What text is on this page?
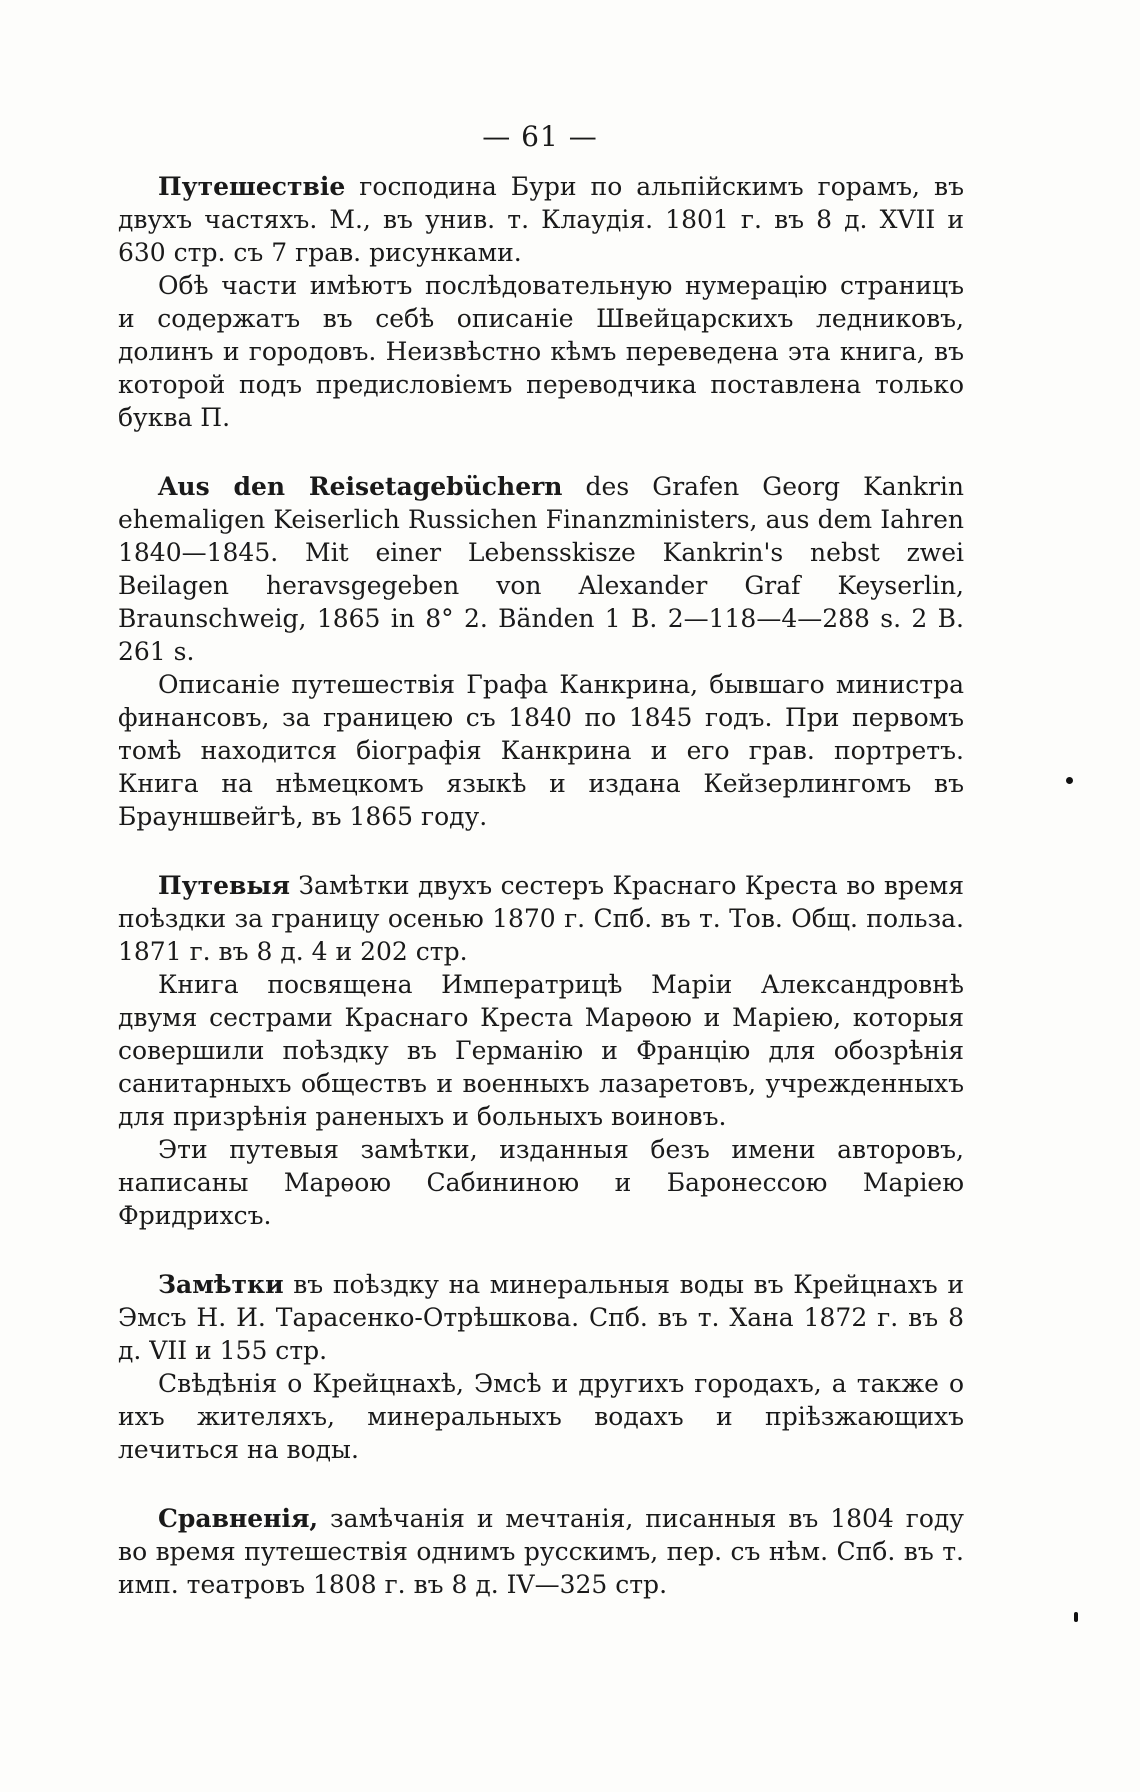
— 61 —

Путешествіе господина Бури по альпійскимъ горамъ, въ двухъ частяхъ. М., въ унив. т. Клаудія. 1801 г. въ 8 д. XVII и 630 стр. съ 7 грав. рисунками.

Обѣ части имѣютъ послѣдовательную нумерацію страницъ и содержатъ въ себѣ описаніе Швейцарскихъ ледниковъ, долинъ и городовъ. Неизвѣстно кѣмъ переведена эта книга, въ которой подъ предисловіемъ переводчика поставлена только буква П.

Aus den Reisetagebüchern des Grafen Georg Kankrin ehemaligen Keiserlich Russichen Finanzministers, aus dem Iahren 1840—1845. Mit einer Lebensskisze Kankrin's nebst zwei Beilagen heravsgegeben von Alexander Graf Keyserlin, Braunschweig, 1865 in 8° 2. Bänden 1 B. 2—118—4—288 s. 2 B. 261 s.

Описаніе путешествія Графа Канкрина, бывшаго министра финансовъ, за границею съ 1840 по 1845 годъ. При первомъ томѣ находится біографія Канкрина и его грав. портретъ. Книга на нѣмецкомъ языкѣ и издана Кейзерлингомъ въ Брауншвейгѣ, въ 1865 году.

Путевыя Замѣтки двухъ сестеръ Краснаго Креста во время поѣздки за границу осенью 1870 г. Спб. въ т. Тов. Общ. польза. 1871 г. въ 8 д. 4 и 202 стр.

Книга посвящена Императрицѣ Маріи Александровнѣ двумя сестрами Краснаго Креста Марѳою и Маріею, которыя совершили поѣздку въ Германію и Францію для обозрѣнія санитарныхъ обществъ и военныхъ лазаретовъ, учрежденныхъ для призрѣнія раненыхъ и больныхъ воиновъ.

Эти путевыя замѣтки, изданныя безъ имени авторовъ, написаны Марѳою Сабининою и Баронессою Маріею Фридрихсъ.

Замѣтки въ поѣздку на минеральныя воды въ Крейцнахъ и Эмсъ Н. И. Тарасенко-Отрѣшкова. Спб. въ т. Хана 1872 г. въ 8 д. VII и 155 стр.

Свѣдѣнія о Крейцнахѣ, Эмсѣ и другихъ городахъ, а также о ихъ жителяхъ, минеральныхъ водахъ и пріѣзжающихъ лечиться на воды.

Сравненія, замѣчанія и мечтанія, писанныя въ 1804 году во время путешествія однимъ русскимъ, пер. съ нѣм. Спб. въ т. имп. театровъ 1808 г. въ 8 д. IV—325 стр.
